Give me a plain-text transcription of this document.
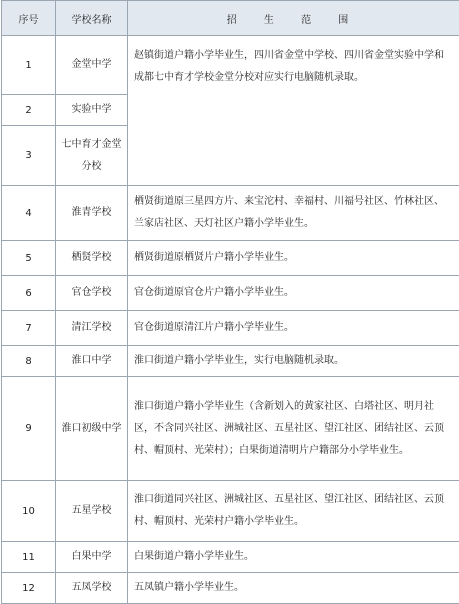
序号	学校名称	招 生 范 围
1	金堂中学	赵镇街道户籍小学毕业生，四川省金堂中学校、四川省金堂实验中学和成都七中育才学校金堂分校对应实行电脑随机录取。
2	实验中学	
3	七中育才金堂分校	
4	淮青学校	栖贤街道原三星四方片、来宝沱村、幸福村、川福号社区、竹林社区、兰家店社区、天灯社区户籍小学毕业生。
5	栖贤学校	栖贤街道原栖贤片户籍小学毕业生。
6	官仓学校	官仓街道原官仓片户籍小学毕业生。
7	清江学校	官仓街道原清江片户籍小学毕业生。
8	淮口中学	淮口街道户籍小学毕业生，实行电脑随机录取。
9	淮口初级中学	淮口街道户籍小学毕业生（含新划入的黄家社区、白塔社区、明月社区，不含同兴社区、洲城社区、五星社区、望江社区、团结社区、云顶村、帽顶村、光荣村）；白果街道清明片户籍部分小学毕业生。
10	五星学校	淮口街道同兴社区、洲城社区、五星社区、望江社区、团结社区、云顶村、帽顶村、光荣村户籍小学毕业生。
11	白果中学	白果街道户籍小学毕业生。
12	五凤学校	五凤镇户籍小学毕业生。
